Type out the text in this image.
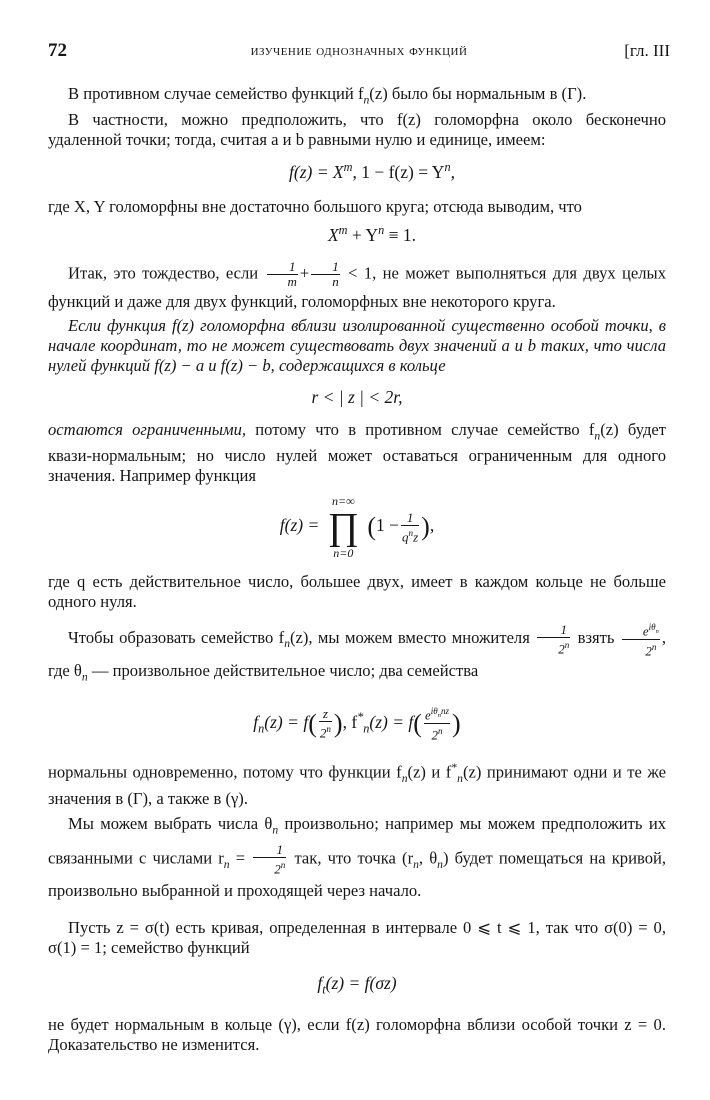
72	изучение однозначных функций	[гл. III

В противном случае семейство функций $f_n(z)$ было бы нормальным в (Γ).

В частности, можно предположить, что f(z) голоморфна около бесконечно удаленной точки; тогда, считая a и b равными нулю и единице, имеем:

$f(z) = X^m$, $1 - f(z) = Y^n$,

где X, Y голоморфны вне достаточно большого круга; отсюда выводим, что

$X^m + Y^n \equiv 1$.

Итак, это тождество, если $\frac{1}{m} + \frac{1}{n} < 1$, не может выполняться для двух целых функций и даже для двух функций, голоморфных вне некоторого круга.

Если функция f(z) голоморфна вблизи изолированной существенно особой точки, в начале координат, то не может существовать двух значений a и b таких, что числа нулей функций f(z) − a и f(z) − b, содержащихся в кольце

r < | z | < 2r,

остаются ограниченными, потому что в противном случае семейство $f_n(z)$ будет квази-нормальным; но число нулей может оставаться ограниченным для одного значения. Например функция

f(z) =
n=∞
∏
n=0
($1 - \frac{1}{q^nz}$ ),

где q есть действительное число, большее двух, имеет в каждом кольце не больше одного нуля.

Чтобы образовать семейство $f_n(z)$, мы можем вместо множителя $\frac{1}{2^n}$ взять $\frac{e^{i\theta_n}}{2^n}$ , где $\theta_n$ — произвольное действительное число; два семейства

$f_n(z) = f( \frac{z}{2^n}$ ), $f^*_n(z) = f( \frac{e^{i\theta_nnz}}{2^n}$ )

нормальны одновременно, потому что функции $f_n(z)$ и $f^*_n(z)$ принимают одни и те же значения в (Γ), а также в (γ).

Мы можем выбрать числа $\theta_n$ произвольно; например мы можем предположить их связанными с числами $r_n = \frac{1}{2^n}$ так, что точка ($r_n$, $\theta_n$) будет помещаться на кривой, произвольно выбранной и проходящей через начало.

Пусть z = σ(t) есть кривая, определенная в интервале 0 ⩽ t ⩽ 1, так что σ(0) = 0, σ(1) = 1; семейство функций

$f_t(z) = f(\sigma z)$

не будет нормальным в кольце (γ), если f(z) голоморфна вблизи особой точки z = 0. Доказательство не изменится.
